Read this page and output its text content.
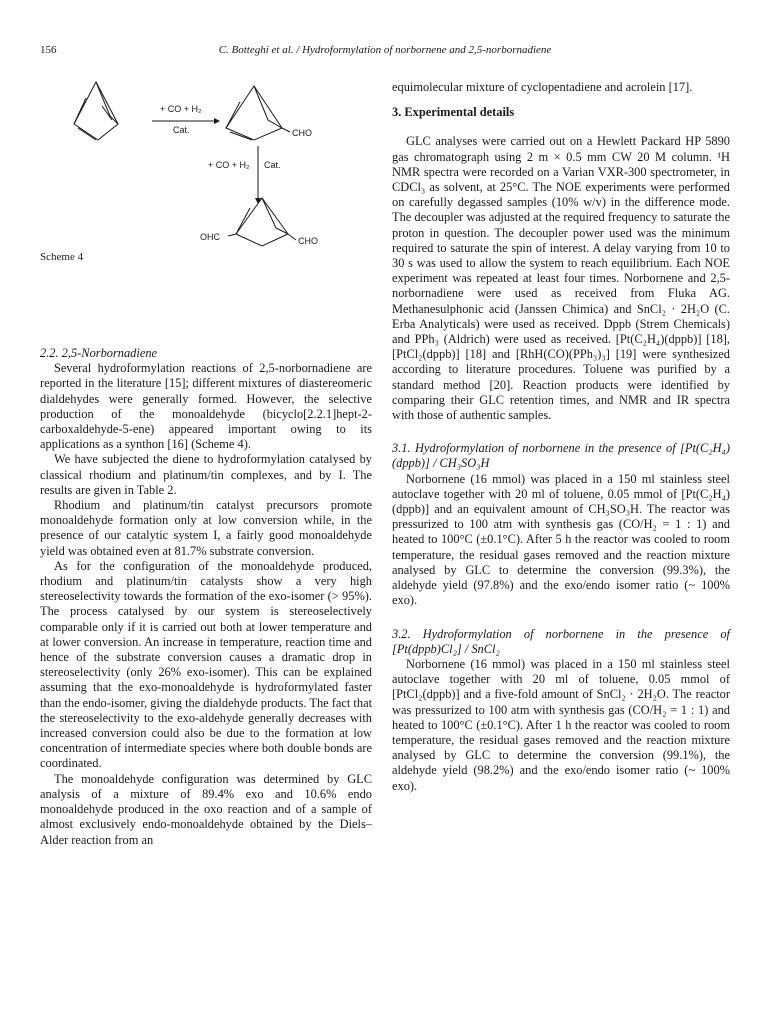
156	C. Botteghi et al. / Hydroformylation of norbornene and 2,5-norbornadiene
+ CO + H₂
Cat.	CHO
+ CO + H₂ Cat.
OHC	CHO
Scheme 4

2.2. 2,5-Norbornadiene

Several hydroformylation reactions of 2,5-norbornadiene are reported in the literature [15]; different mixtures of diastereomeric dialdehydes were generally formed. However, the selective production of the monoaldehyde (bicyclo[2.2.1]hept-2-carboxaldehyde-5-ene) appeared important owing to its applications as a synthon [16] (Scheme 4).

We have subjected the diene to hydroformylation catalysed by classical rhodium and platinum/tin complexes, and by I. The results are given in Table 2.

Rhodium and platinum/tin catalyst precursors promote monoaldehyde formation only at low conversion while, in the presence of our catalytic system I, a fairly good monoaldehyde yield was obtained even at 81.7% substrate conversion.

As for the configuration of the monoaldehyde produced, rhodium and platinum/tin catalysts show a very high stereoselectivity towards the formation of the exo-isomer (> 95%). The process catalysed by our system is stereoselectively comparable only if it is carried out both at lower temperature and at lower conversion. An increase in temperature, reaction time and hence of the substrate conversion causes a dramatic drop in stereoselectivity (only 26% exo-isomer). This can be explained assuming that the exo-monoaldehyde is hydroformylated faster than the endo-isomer, giving the dialdehyde products. The fact that the stereoselectivity to the exo-aldehyde generally decreases with increased conversion could also be due to the formation at low concentration of intermediate species where both double bonds are coordinated.

The monoaldehyde configuration was determined by GLC analysis of a mixture of 89.4% exo and 10.6% endo monoaldehyde produced in the oxo reaction and of a sample of almost exclusively endo-monoaldehyde obtained by the Diels–Alder reaction from an

equimolecular mixture of cyclopentadiene and acrolein [17].

3. Experimental details

GLC analyses were carried out on a Hewlett Packard HP 5890 gas chromatograph using 2 m × 0.5 mm CW 20 M column. ¹H NMR spectra were recorded on a Varian VXR-300 spectrometer, in CDCl₃ as solvent, at 25°C. The NOE experiments were performed on carefully degassed samples (10% w/v) in the difference mode. The decoupler was adjusted at the required frequency to saturate the proton in question. The decoupler power used was the minimum required to saturate the spin of interest. A delay varying from 10 to 30 s was used to allow the system to reach equilibrium. Each NOE experiment was repeated at least four times. Norbornene and 2,5-norbornadiene were used as received from Fluka AG. Methanesulphonic acid (Janssen Chimica) and SnCl₂ · 2H₂O (C. Erba Analyticals) were used as received. Dppb (Strem Chemicals) and PPh₃ (Aldrich) were used as received. [Pt(C₂H₄)(dppb)] [18], [PtCl₂(dppb)] [18] and [RhH(CO)(PPh₃)₃] [19] were synthesized according to literature procedures. Toluene was purified by a standard method [20]. Reaction products were identified by comparing their GLC retention times, and NMR and IR spectra with those of authentic samples.

3.1. Hydroformylation of norbornene in the presence of [Pt(C₂H₄)(dppb)] / CH₃SO₃H

Norbornene (16 mmol) was placed in a 150 ml stainless steel autoclave together with 20 ml of toluene, 0.05 mmol of [Pt(C₂H₄)(dppb)] and an equivalent amount of CH₃SO₃H. The reactor was pressurized to 100 atm with synthesis gas (CO/H₂ = 1 : 1) and heated to 100°C (±0.1°C). After 5 h the reactor was cooled to room temperature, the residual gases removed and the reaction mixture analysed by GLC to determine the conversion (99.3%), the aldehyde yield (97.8%) and the exo/endo isomer ratio (~ 100% exo).

3.2. Hydroformylation of norbornene in the presence of [Pt(dppb)Cl₂] / SnCl₂

Norbornene (16 mmol) was placed in a 150 ml stainless steel autoclave together with 20 ml of toluene, 0.05 mmol of [PtCl₂(dppb)] and a five-fold amount of SnCl₂ · 2H₂O. The reactor was pressurized to 100 atm with synthesis gas (CO/H₂ = 1 : 1) and heated to 100°C (±0.1°C). After 1 h the reactor was cooled to room temperature, the residual gases removed and the reaction mixture analysed by GLC to determine the conversion (99.1%), the aldehyde yield (98.2%) and the exo/endo isomer ratio (~ 100% exo).
